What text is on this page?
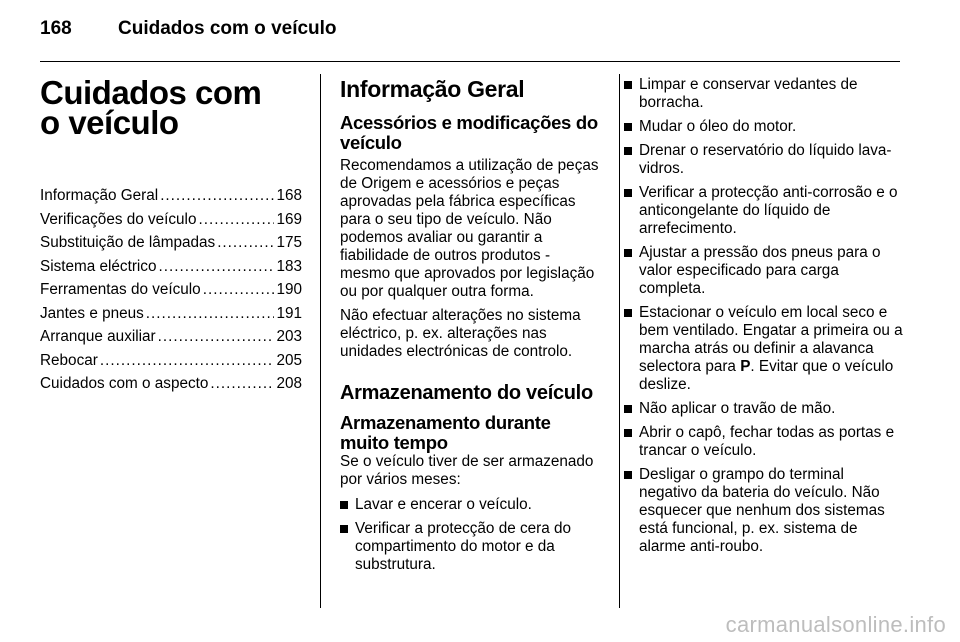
168 Cuidados com o veículo
Cuidados com
o veículo
Informação Geral .....	168
Verificações do veículo .....	169
Substituição de lâmpadas .....	175
Sistema eléctrico .....	183
Ferramentas do veículo .....	190
Jantes e pneus .....	191
Arranque auxiliar .....	203
Rebocar .....	205
Cuidados com o aspecto .....	208
Informação Geral
Acessórios e modificações do veículo

Recomendamos a utilização de peças de Origem e acessórios e peças aprovadas pela fábrica específicas para o seu tipo de veículo. Não podemos avaliar ou garantir a fiabilidade de outros produtos - mesmo que aprovados por legislação ou por qualquer outra forma.

Não efectuar alterações no sistema eléctrico, p. ex. alterações nas unidades electrónicas de controlo.

Armazenamento do veículo
Armazenamento durante muito tempo

Se o veículo tiver de ser armazenado por vários meses:

Lavar e encerar o veículo.
Verificar a protecção de cera do compartimento do motor e da substrutura.
Limpar e conservar vedantes de borracha.
Mudar o óleo do motor.
Drenar o reservatório do líquido lava-vidros.
Verificar a protecção anti-corrosão e o anticongelante do líquido de arrefecimento.
Ajustar a pressão dos pneus para o valor especificado para carga completa.
Estacionar o veículo em local seco e bem ventilado. Engatar a primeira ou a marcha atrás ou definir a alavanca selectora para P. Evitar que o veículo deslize.
Não aplicar o travão de mão.
Abrir o capô, fechar todas as portas e trancar o veículo.
Desligar o grampo do terminal negativo da bateria do veículo. Não esquecer que nenhum dos sistemas está funcional, p. ex. sistema de alarme anti-roubo.
carmanualsonline.info
